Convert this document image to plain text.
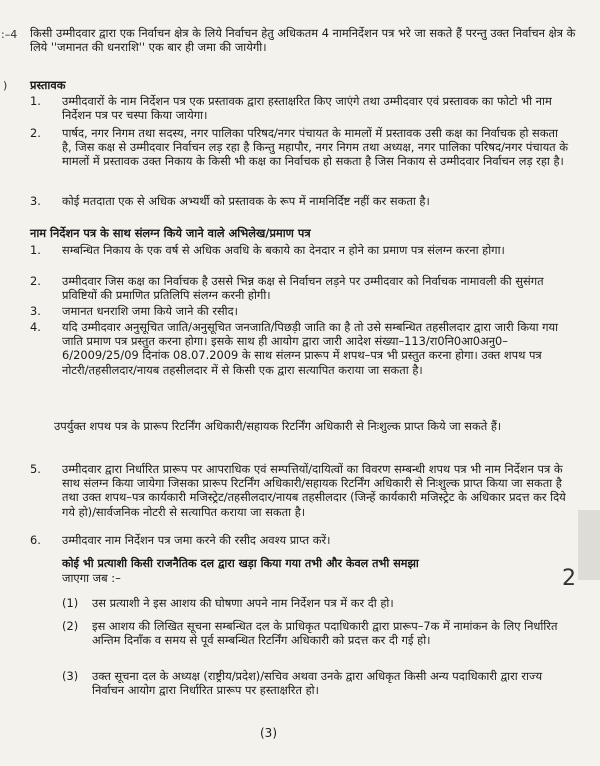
:–4 किसी उम्मीदवार द्वारा एक निर्वाचन क्षेत्र के लिये निर्वाचन हेतु अधिकतम 4 नामनिर्देशन पत्र भरे जा सकते हैं परन्तु उक्त निर्वाचन क्षेत्र के लिये ''जमानत की धनराशि'' एक बार ही जमा की जायेगी।
) प्रस्तावक
1. उम्मीदवारों के नाम निर्देशन पत्र एक प्रस्तावक द्वारा हस्ताक्षरित किए जाएंगे तथा उम्मीदवार एवं प्रस्तावक का फोटो भी नाम निर्देशन पत्र पर चस्पा किया जायेगा।
2. पार्षद, नगर निगम तथा सदस्य, नगर पालिका परिषद/नगर पंचायत के मामलों में प्रस्तावक उसी कक्ष का निर्वाचक हो सकता है, जिस कक्ष से उम्मीदवार निर्वाचन लड़ रहा है किन्तु महापौर, नगर निगम तथा अध्यक्ष, नगर पालिका परिषद/नगर पंचायत के मामलों में प्रस्तावक उक्त निकाय के किसी भी कक्ष का निर्वाचक हो सकता है जिस निकाय से उम्मीदवार निर्वाचन लड़ रहा है।
3. कोई मतदाता एक से अधिक अभ्यर्थी को प्रस्तावक के रूप में नामनिर्दिष्ट नहीं कर सकता है।
नाम निर्देशन पत्र के साथ संलग्न किये जाने वाले अभिलेख/प्रमाण पत्र
1. सम्बन्धित निकाय के एक वर्ष से अधिक अवधि के बकाये का देनदार न होने का प्रमाण पत्र संलग्न करना होगा।
2. उम्मीदवार जिस कक्ष का निर्वाचक है उससे भिन्न कक्ष से निर्वाचन लड़ने पर उम्मीदवार को निर्वाचक नामावली की सुसंगत प्रविष्टियों की प्रमाणित प्रतिलिपि संलग्न करनी होगी।
3. जमानत धनराशि जमा किये जाने की रसीद।
4. यदि उम्मीदवार अनुसूचित जाति/अनुसूचित जनजाति/पिछड़ी जाति का है तो उसे सम्बन्धित तहसीलदार द्वारा जारी किया गया जाति प्रमाण पत्र प्रस्तुत करना होगा। इसके साथ ही आयोग द्वारा जारी आदेश संख्या–113/रा0नि0आ0अनु0–6/2009/25/09 दिनांक 08.07.2009 के साथ संलग्न प्रारूप में शपथ–पत्र भी प्रस्तुत करना होगा। उक्त शपथ पत्र नोटरी/तहसीलदार/नायब तहसीलदार में से किसी एक द्वारा सत्यापित कराया जा सकता है।
उपर्युक्त शपथ पत्र के प्रारूप रिटर्निंग अधिकारी/सहायक रिटर्निंग अधिकारी से निःशुल्क प्राप्त किये जा सकते हैं।
5. उम्मीदवार द्वारा निर्धारित प्रारूप पर आपराधिक एवं सम्पत्तियों/दायित्वों का विवरण सम्बन्धी शपथ पत्र भी नाम निर्देशन पत्र के साथ संलग्न किया जायेगा जिसका प्रारूप रिटर्निंग अधिकारी/सहायक रिटर्निंग अधिकारी से निःशुल्क प्राप्त किया जा सकता है तथा उक्त शपथ–पत्र कार्यकारी मजिस्ट्रेट/तहसीलदार/नायब तहसीलदार (जिन्हें कार्यकारी मजिस्ट्रेट के अधिकार प्रदत्त कर दिये गये हो)/सार्वजनिक नोटरी से सत्यापित कराया जा सकता है।
6. उम्मीदवार नाम निर्देशन पत्र जमा करने की रसीद अवश्य प्राप्त करें।
कोई भी प्रत्याशी किसी राजनैतिक दल द्वारा खड़ा किया गया तभी और केवल तभी समझा
जाएगा जब :–
(1) उस प्रत्याशी ने इस आशय की घोषणा अपने नाम निर्देशन पत्र में कर दी हो।
(2) इस आशय की लिखित सूचना सम्बन्धित दल के प्राधिकृत पदाधिकारी द्वारा प्रारूप–7क में नामांकन के लिए निर्धारित अन्तिम दिनाँक व समय से पूर्व सम्बन्धित रिटर्निंग अधिकारी को प्रदत्त कर दी गई हो।
(3) उक्त सूचना दल के अध्यक्ष (राष्ट्रीय/प्रदेश)/सचिव अथवा उनके द्वारा अधिकृत किसी अन्य पदाधिकारी द्वारा राज्य निर्वाचन आयोग द्वारा निर्धारित प्रारूप पर हस्ताक्षरित हो।
2
(3)
